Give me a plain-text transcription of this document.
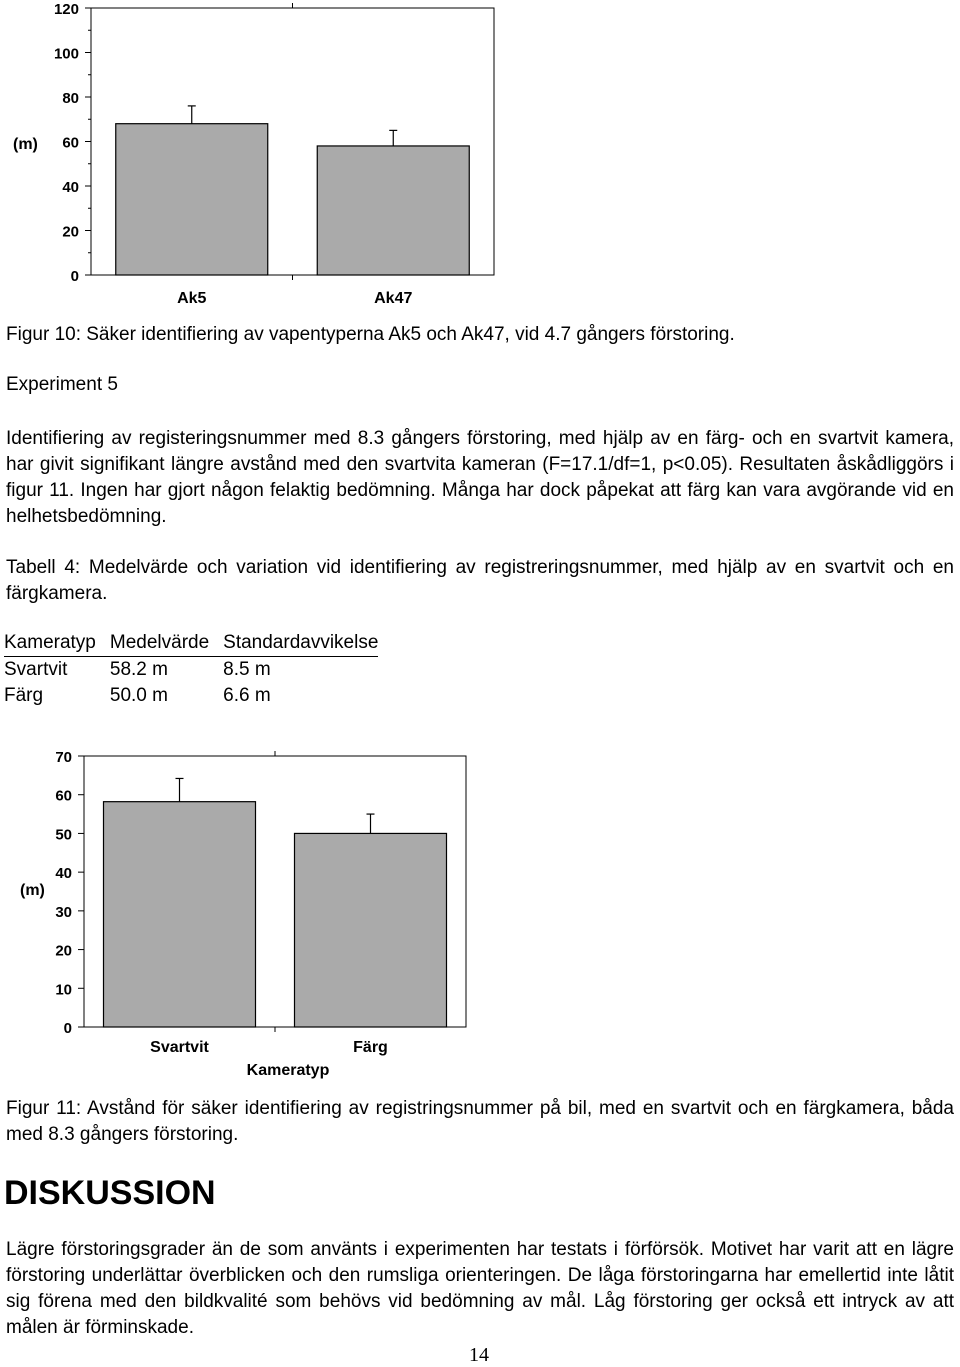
120
100
80
60
40
20
0
Ak5	Ak47
(m)
Figur 10: Säker identifiering av vapentyperna Ak5 och Ak47, vid 4.7 gångers förstoring.
Experiment 5
Identifiering av registeringsnummer med 8.3 gångers förstoring, med hjälp av en färg- och en svartvit kamera, har givit signifikant längre avstånd med den svartvita kameran (F=17.1/df=1, p<0.05). Resultaten åskådliggörs i figur 11. Ingen har gjort någon felaktig bedömning. Många har dock påpekat att färg kan vara avgörande vid en helhetsbedömning.
Tabell 4: Medelvärde och variation vid identifiering av registreringsnummer, med hjälp av en svartvit och en färgkamera.
Kameratyp	Medelvärde	Standardavvikelse
Svartvit	58.2 m	8.5 m
Färg	50.0 m	6.6 m
70
60
50
40
30
20
10
0
Svartvit	Färg
(m)
Kameratyp
Figur 11: Avstånd för säker identifiering av registringsnummer på bil, med en svartvit och en färgkamera, båda med 8.3 gångers förstoring.
DISKUSSION
Lägre förstoringsgrader än de som använts i experimenten har testats i förförsök. Motivet har varit att en lägre förstoring underlättar överblicken och den rumsliga orienteringen. De låga förstoringarna har emellertid inte låtit sig förena med den bildkvalité som behövs vid bedömning av mål. Låg förstoring ger också ett intryck av att målen är förminskade.
14
